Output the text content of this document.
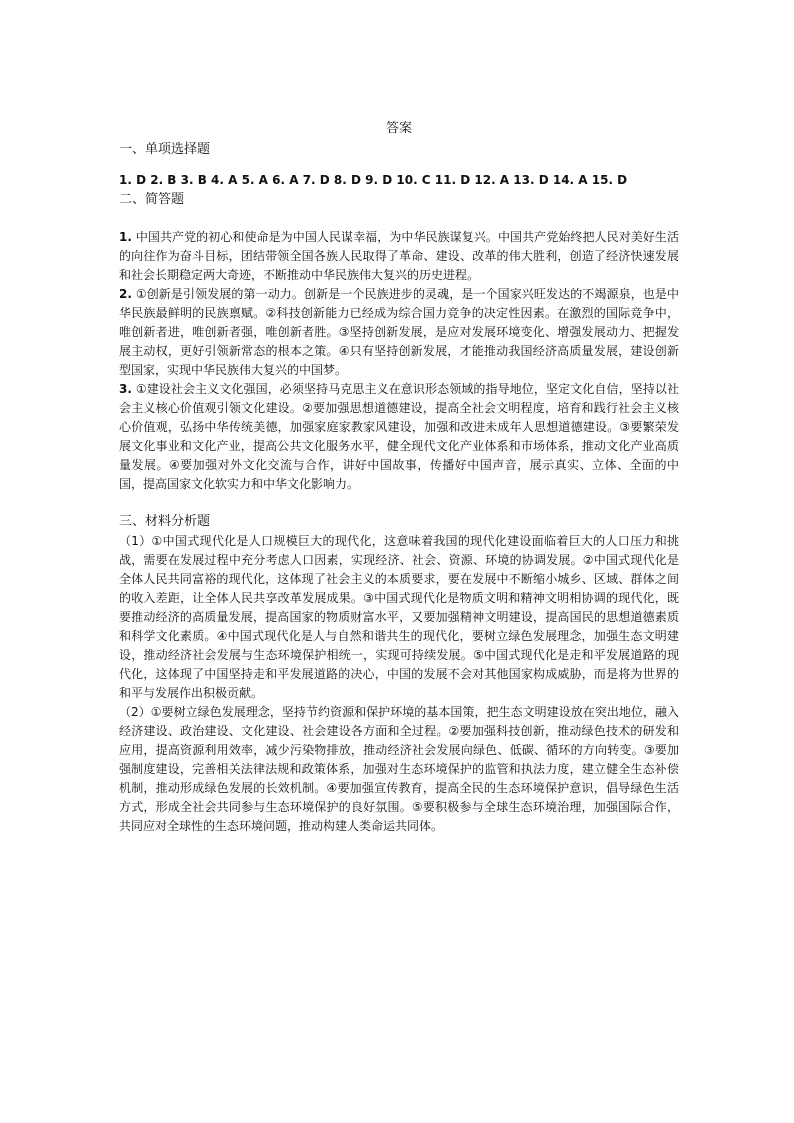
答案

一、单项选择题

1. D 2. B 3. B 4. A 5. A 6. A 7. D 8. D 9. D 10. C 11. D 12. A 13. D 14. A 15. D

二、简答题

1. 中国共产党的初心和使命是为中国人民谋幸福，为中华民族谋复兴。中国共产党始终把人民对美好生活的向往作为奋斗目标，团结带领全国各族人民取得了革命、建设、改革的伟大胜利，创造了经济快速发展和社会长期稳定两大奇迹，不断推动中华民族伟大复兴的历史进程。

2. ①创新是引领发展的第一动力。创新是一个民族进步的灵魂，是一个国家兴旺发达的不竭源泉，也是中华民族最鲜明的民族禀赋。②科技创新能力已经成为综合国力竞争的决定性因素。在激烈的国际竞争中，唯创新者进，唯创新者强，唯创新者胜。③坚持创新发展，是应对发展环境变化、增强发展动力、把握发展主动权，更好引领新常态的根本之策。④只有坚持创新发展，才能推动我国经济高质量发展，建设创新型国家，实现中华民族伟大复兴的中国梦。

3. ①建设社会主义文化强国，必须坚持马克思主义在意识形态领域的指导地位，坚定文化自信，坚持以社会主义核心价值观引领文化建设。②要加强思想道德建设，提高全社会文明程度，培育和践行社会主义核心价值观，弘扬中华传统美德，加强家庭家教家风建设，加强和改进未成年人思想道德建设。③要繁荣发展文化事业和文化产业，提高公共文化服务水平，健全现代文化产业体系和市场体系，推动文化产业高质量发展。④要加强对外文化交流与合作，讲好中国故事，传播好中国声音，展示真实、立体、全面的中国，提高国家文化软实力和中华文化影响力。

三、材料分析题

（1）①中国式现代化是人口规模巨大的现代化，这意味着我国的现代化建设面临着巨大的人口压力和挑战，需要在发展过程中充分考虑人口因素，实现经济、社会、资源、环境的协调发展。②中国式现代化是全体人民共同富裕的现代化，这体现了社会主义的本质要求，要在发展中不断缩小城乡、区域、群体之间的收入差距，让全体人民共享改革发展成果。③中国式现代化是物质文明和精神文明相协调的现代化，既要推动经济的高质量发展，提高国家的物质财富水平，又要加强精神文明建设，提高国民的思想道德素质和科学文化素质。④中国式现代化是人与自然和谐共生的现代化，要树立绿色发展理念，加强生态文明建设，推动经济社会发展与生态环境保护相统一，实现可持续发展。⑤中国式现代化是走和平发展道路的现代化，这体现了中国坚持走和平发展道路的决心，中国的发展不会对其他国家构成威胁，而是将为世界的和平与发展作出积极贡献。

（2）①要树立绿色发展理念，坚持节约资源和保护环境的基本国策，把生态文明建设放在突出地位，融入经济建设、政治建设、文化建设、社会建设各方面和全过程。②要加强科技创新，推动绿色技术的研发和应用，提高资源利用效率，减少污染物排放，推动经济社会发展向绿色、低碳、循环的方向转变。③要加强制度建设，完善相关法律法规和政策体系，加强对生态环境保护的监管和执法力度，建立健全生态补偿机制，推动形成绿色发展的长效机制。④要加强宣传教育，提高全民的生态环境保护意识，倡导绿色生活方式，形成全社会共同参与生态环境保护的良好氛围。⑤要积极参与全球生态环境治理，加强国际合作，共同应对全球性的生态环境问题，推动构建人类命运共同体。
